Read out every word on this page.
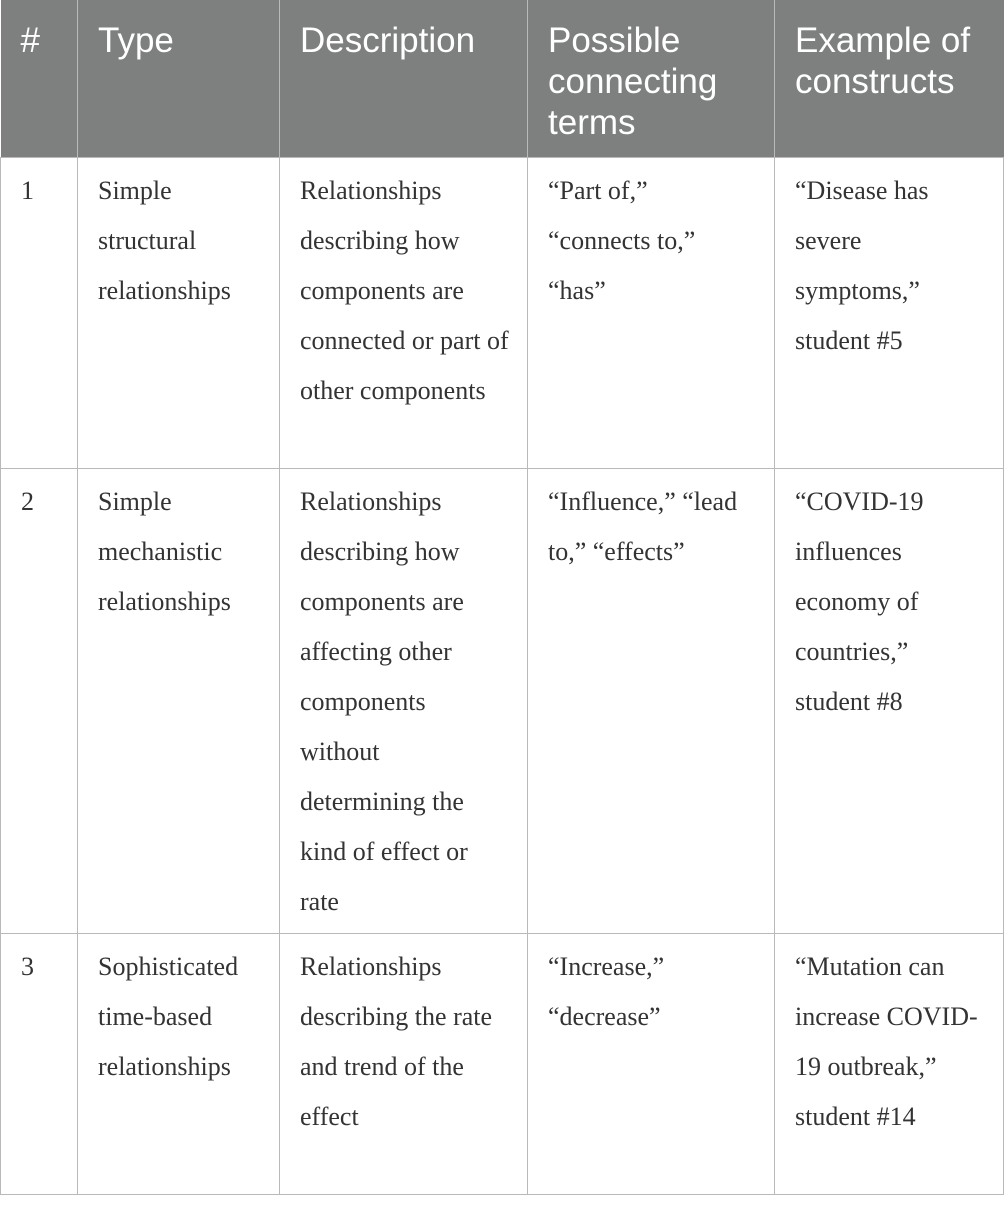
#	Type	Description	Possible connecting terms	Example of constructs
1	Simple structural relationships	Relationships describing how components are connected or part of other components	“Part of,” “connects to,” “has”	“Disease has severe symptoms,” student #5
2	Simple mechanistic relationships	Relationships describing how components are affecting other components without determining the kind of effect or rate	“Influence,” “lead to,” “effects”	“COVID-19 influences economy of countries,” student #8
3	Sophisticated time-based relationships	Relationships describing the rate and trend of the effect	“Increase,” “decrease”	“Mutation can increase COVID-19 outbreak,” student #14
